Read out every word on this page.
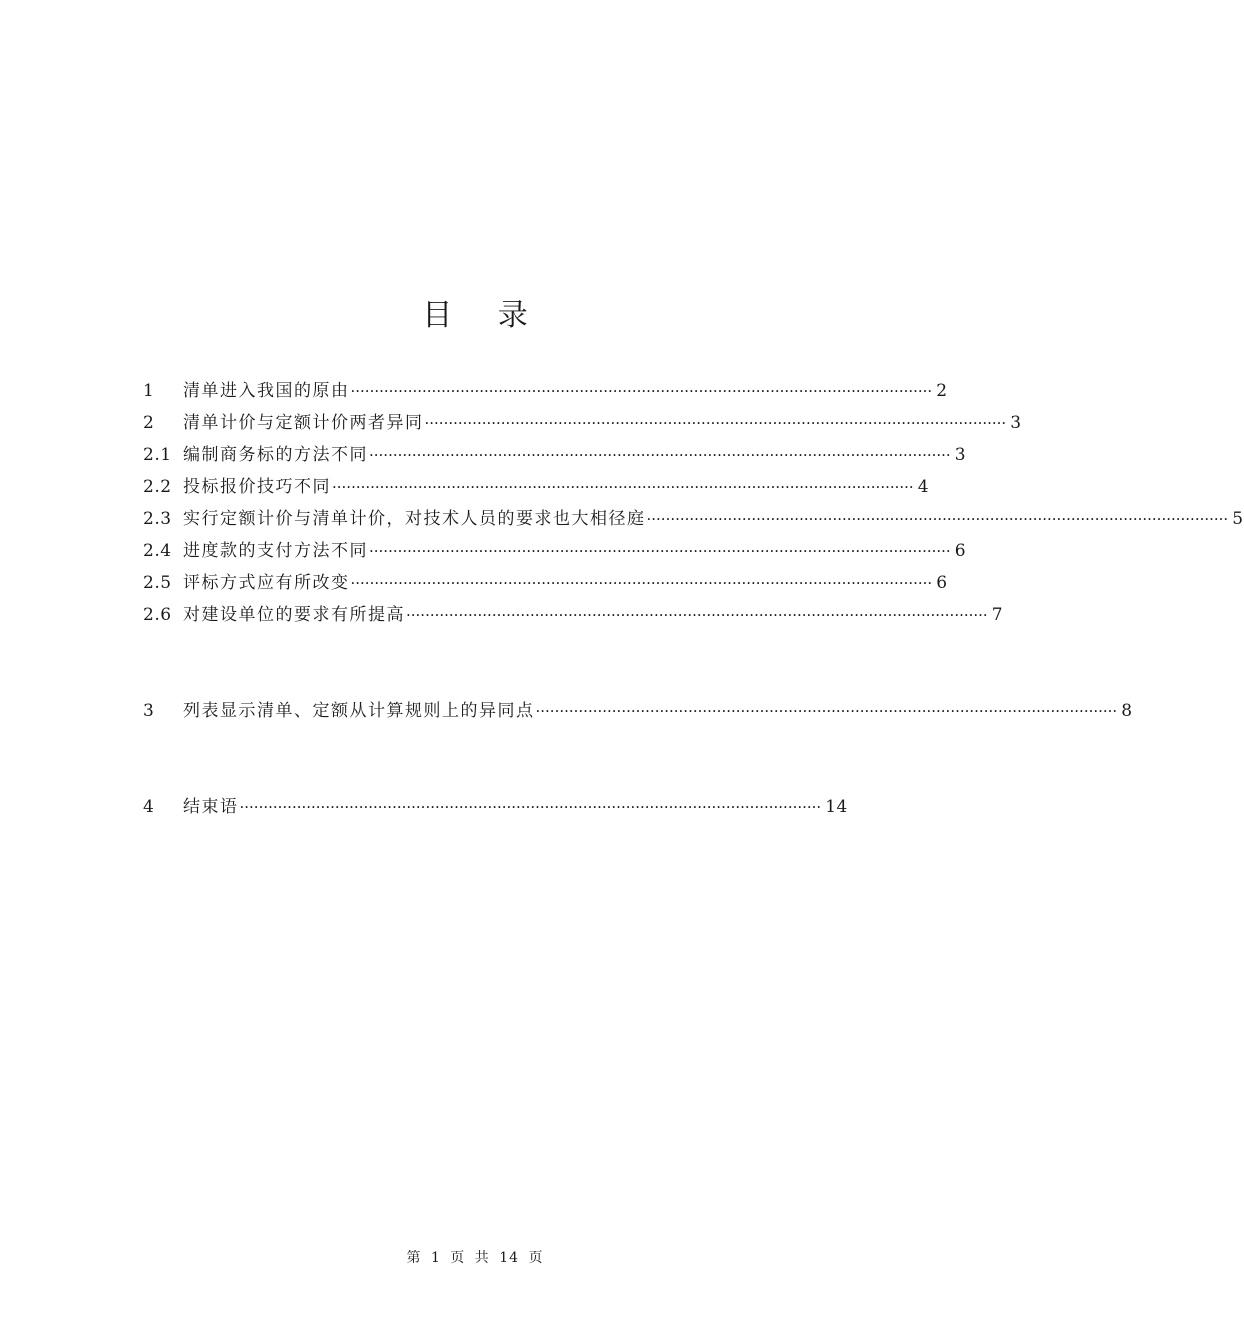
目 录
1	清单进入我国的原由 ·························································································································· 2
2	清单计价与定额计价两者异同 ·························································································································· 3
2.1 编制商务标的方法不同 ·························································································································· 3
2.2 投标报价技巧不同 ·························································································································· 4
2.3 实行定额计价与清单计价，对技术人员的要求也大相径庭 ·························································································································· 5
2.4 进度款的支付方法不同 ·························································································································· 6
2.5 评标方式应有所改变 ·························································································································· 6
2.6 对建设单位的要求有所提高 ·························································································································· 7
3	列表显示清单、定额从计算规则上的异同点 ·························································································································· 8
4	结束语 ·························································································································· 14
第 1 页 共 14 页
